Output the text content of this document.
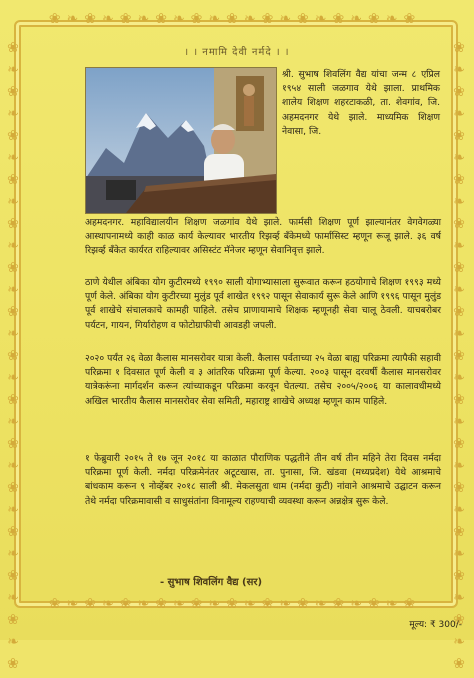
❀❧❀❧❀❧❀❧❀❧❀❧❀❧❀❧❀❧❀❧❀
❀❧❀❧❀❧❀❧❀❧❀❧❀❧❀❧❀❧❀❧❀
❀❧❀❧❀❧❀❧❀❧❀❧❀❧❀❧❀❧❀❧❀❧❀❧❀❧❀❧❀	❀❧❀❧❀❧❀❧❀❧❀❧❀❧❀❧❀❧❀❧❀❧❀❧❀❧❀❧❀
। । नमामि देवी नर्मदे । ।
श्री. सुभाष शिवलिंग वैद्य यांचा जन्म ८ एप्रिल १९५४ साली जळगाव येथे झाला. प्राथमिक शालेय शिक्षण शहरटाकळी, ता. शेवगांव, जि. अहमदनगर येथे झाले. माध्यमिक शिक्षण नेवासा, जि.
अहमदनगर. महाविद्यालयीन शिक्षण जळगांव येथे झाले. फार्मसी शिक्षण पूर्ण झाल्यानंतर वेगवेगळ्या आस्थापनामध्ये काही काळ कार्य केल्यावर भारतीय रिझर्व्ह बँकेमध्ये फार्मासिस्ट म्हणून रूजू झाले. ३६ वर्ष रिझर्व्ह बँकेत कार्यरत राहिल्यावर असिस्टंट मॅनेजर म्हणून सेवानिवृत्त झाले.
ठाणे येथील अंबिका योग कुटीरमध्ये १९९० साली योगाभ्यासाला सुरूवात करून हठयोगाचे शिक्षण १९९३ मध्ये पूर्ण केले. अंबिका योग कुटीरच्या मुलुंड पूर्व शाखेत १९९२ पासून सेवाकार्य सुरू केले आणि १९९६ पासून मुलुंड पूर्व शाखेचे संचालकाचे कामही पाहिले. तसेच प्राणायामाचे शिक्षक म्हणूनही सेवा चालू ठेवली. याचबरोबर पर्यटन, गायन, गिर्यारोहण व फोटोग्राफीची आवडही जपली.
२०२० पर्यंत २६ वेळा कैलास मानसरोवर यात्रा केली. कैलास पर्वताच्या २५ वेळा बाह्य परिक्रमा त्यापैकी सहावी परिक्रमा १ दिवसात पूर्ण केली व ३ आंतरिक परिक्रमा पूर्ण केल्या. २००३ पासून दरवर्षी कैलास मानसरोवर यात्रेकरूंना मार्गदर्शन करून त्यांच्याकडून परिक्रमा करवून घेतल्या. तसेच २००५/२००६ या कालावधीमध्ये अखिल भारतीय कैलास मानसरोवर सेवा समिती, महाराष्ट्र शाखेचे अध्यक्ष म्हणून काम पाहिले.
१ फेब्रुवारी २०१५ ते १७ जून २०१८ या काळात पौराणिक पद्धतीने तीन वर्ष तीन महिने तेरा दिवस नर्मदा परिक्रमा पूर्ण केली. नर्मदा परिक्रमेनंतर अटूटखास, ता. पुनासा, जि. खंडवा (मध्यप्रदेश) येथे आश्रमाचे बांधकाम करून ९ नोव्हेंबर २०१८ साली श्री. मेकलसुता धाम (नर्मदा कुटी) नांवाने आश्रमाचे उद्घाटन करून तेथे नर्मदा परिक्रमावासी व साधुसंतांना विनामूल्य राहण्याची व्यवस्था करून अन्नक्षेत्र सुरू केले.
- सुभाष शिवलिंग वैद्य (सर)
मूल्य: ₹ 300/-
